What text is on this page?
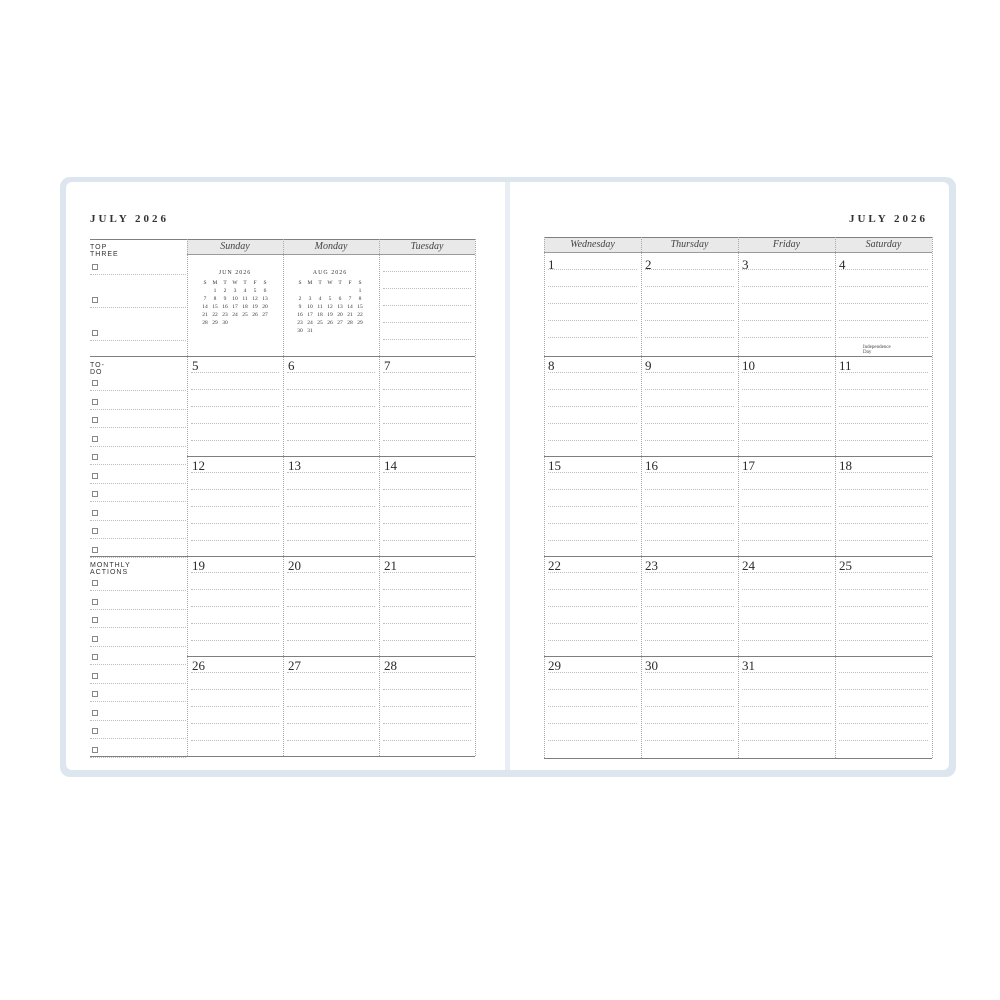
JULY 2026
Sunday	Monday	Tuesday
TOP THREE
TO-DO
MONTHLY ACTIONS
5	6	7
12	13	14
19	20	21
26	27	28
JUN 2026
S	M	T	W	T	F	S
	1	2	3	4	5	6
7	8	9	10	11	12	13
14	15	16	17	18	19	20
21	22	23	24	25	26	27
28	29	30				
AUG 2026
S	M	T	W	T	F	S
						1
2	3	4	5	6	7	8
9	10	11	12	13	14	15
16	17	18	19	20	21	22
23	24	25	26	27	28	29
30	31					
JULY 2026
Wednesday	Thursday	Friday	Saturday
1	2	3	4
8	9	10	11
15	16	17	18
22	23	24	25
29	30	31
Independence Day
